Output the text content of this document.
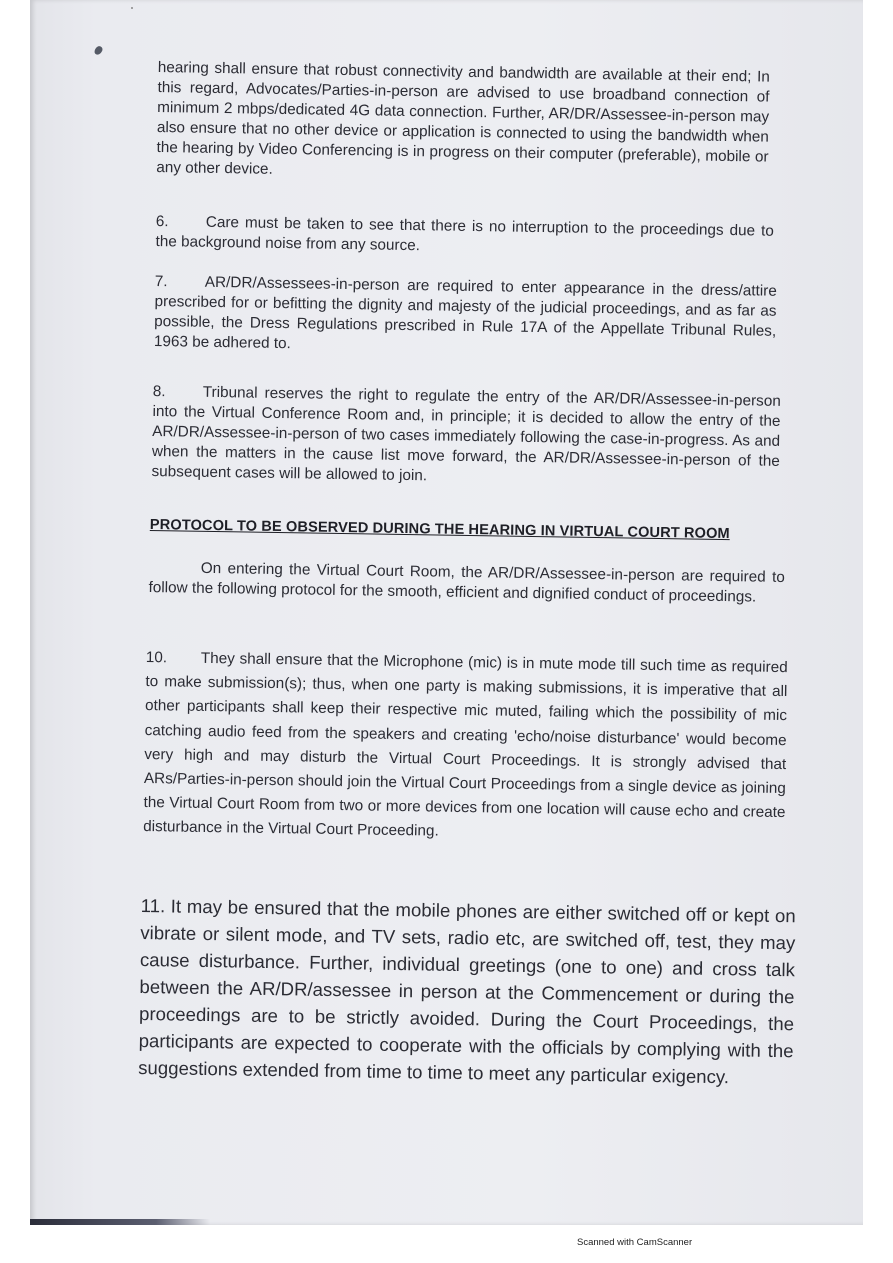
hearing shall ensure that robust connectivity and bandwidth are available at their end; In this regard, Advocates/Parties-in-person are advised to use broadband connection of minimum 2 mbps/dedicated 4G data connection. Further, AR/DR/Assessee-in-person may also ensure that no other device or application is connected to using the bandwidth when the hearing by Video Conferencing is in progress on their computer (preferable), mobile or any other device.

6. Care must be taken to see that there is no interruption to the proceedings due to the background noise from any source.

7. AR/DR/Assessees-in-person are required to enter appearance in the dress/attire prescribed for or befitting the dignity and majesty of the judicial proceedings, and as far as possible, the Dress Regulations prescribed in Rule 17A of the Appellate Tribunal Rules, 1963 be adhered to.

8. Tribunal reserves the right to regulate the entry of the AR/DR/Assessee-in-person into the Virtual Conference Room and, in principle; it is decided to allow the entry of the AR/DR/Assessee-in-person of two cases immediately following the case-in-progress. As and when the matters in the cause list move forward, the AR/DR/Assessee-in-person of the subsequent cases will be allowed to join.

PROTOCOL TO BE OBSERVED DURING THE HEARING IN VIRTUAL COURT ROOM

On entering the Virtual Court Room, the AR/DR/Assessee-in-person are required to follow the following protocol for the smooth, efficient and dignified conduct of proceedings.

10. They shall ensure that the Microphone (mic) is in mute mode till such time as required to make submission(s); thus, when one party is making submissions, it is imperative that all other participants shall keep their respective mic muted, failing which the possibility of mic catching audio feed from the speakers and creating 'echo/noise disturbance' would become very high and may disturb the Virtual Court Proceedings. It is strongly advised that ARs/Parties-in-person should join the Virtual Court Proceedings from a single device as joining the Virtual Court Room from two or more devices from one location will cause echo and create disturbance in the Virtual Court Proceeding.

11. It may be ensured that the mobile phones are either switched off or kept on vibrate or silent mode, and TV sets, radio etc, are switched off, test, they may cause disturbance. Further, individual greetings (one to one) and cross talk between the AR/DR/assessee in person at the Commencement or during the proceedings are to be strictly avoided. During the Court Proceedings, the participants are expected to cooperate with the officials by complying with the suggestions extended from time to time to meet any particular exigency.

Scanned with CamScanner
